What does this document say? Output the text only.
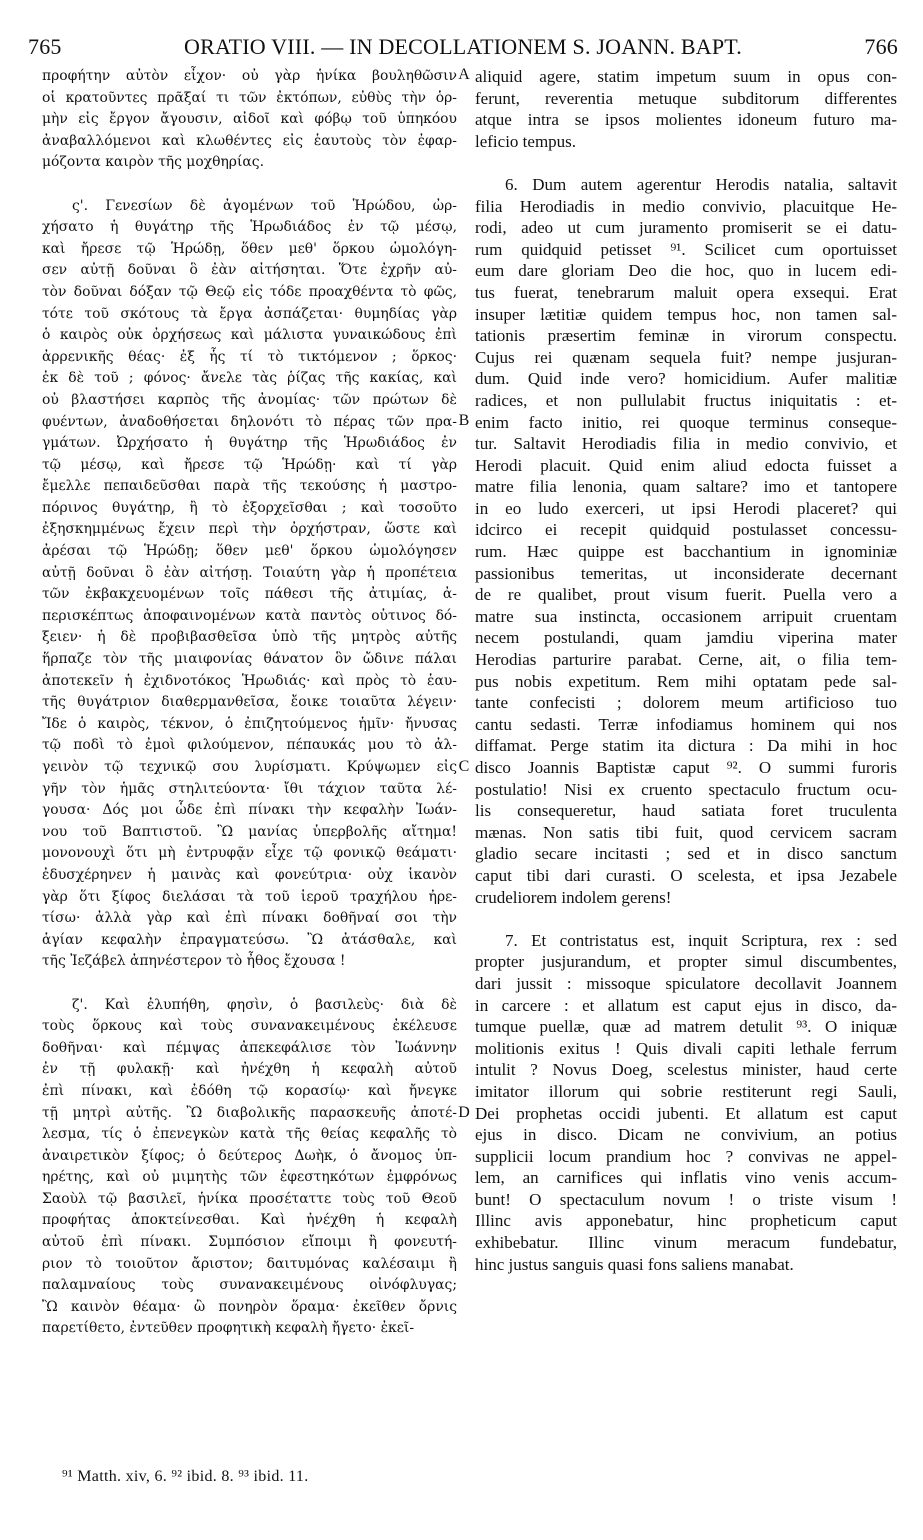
765	ORATIO VIII. — IN DECOLLATIONEM S. JOANN. BAPT.	766
προφήτην αὐτὸν εἶχον· οὐ γὰρ ἡνίκα βουληθῶσιν
οἱ κρατοῦντες πρᾶξαί τι τῶν ἐκτόπων, εὐθὺς τὴν ὁρ-
μὴν εἰς ἔργον ἄγουσιν, αἰδοῖ καὶ φόβῳ τοῦ ὑπηκόου
ἀναβαλλόμενοι καὶ κλωθέντες εἰς ἑαυτοὺς τὸν ἐφαρ-
μόζοντα καιρὸν τῆς μοχθηρίας.
ς'. Γενεσίων δὲ ἀγομένων τοῦ Ἡρώδου, ὠρ-
χήσατο ἡ θυγάτηρ τῆς Ἡρωδιάδος ἐν τῷ μέσῳ,
καὶ ἤρεσε τῷ Ἡρώδῃ, ὅθεν μεθ' ὅρκου ὡμολόγη-
σεν αὐτῇ δοῦναι ὃ ἐὰν αἰτήσηται. Ὅτε ἐχρῆν αὐ-
τὸν δοῦναι δόξαν τῷ Θεῷ εἰς τόδε προαχθέντα τὸ φῶς,
τότε τοῦ σκότους τὰ ἔργα ἀσπάζεται· θυμηδίας γὰρ
ὁ καιρὸς οὐκ ὀρχήσεως καὶ μάλιστα γυναικώδους ἐπὶ
ἀρρενικῆς θέας· ἐξ ἧς τί τὸ τικτόμενον ; ὅρκος·
ἐκ δὲ τοῦ ; φόνος· ἄνελε τὰς ῥίζας τῆς κακίας, καὶ
οὐ βλαστήσει καρπὸς τῆς ἀνομίας· τῶν πρώτων δὲ
φυέντων, ἀναδοθήσεται δηλονότι τὸ πέρας τῶν πρα-
γμάτων. Ὠρχήσατο ἡ θυγάτηρ τῆς Ἡρωδιάδος ἐν
τῷ μέσῳ, καὶ ἤρεσε τῷ Ἡρώδῃ· καὶ τί γὰρ
ἔμελλε πεπαιδεῦσθαι παρὰ τῆς τεκούσης ἡ μαστρο-
πόρινος θυγάτηρ, ἢ τὸ ἐξορχεῖσθαι ; καὶ τοσοῦτο
ἐξησκημμένως ἔχειν περὶ τὴν ὀρχήστραν, ὥστε καὶ
ἀρέσαι τῷ Ἡρώδῃ; ὅθεν μεθ' ὅρκου ὡμολόγησεν
αὐτῇ δοῦναι ὃ ἐὰν αἰτήσῃ. Τοιαύτη γὰρ ἡ προπέτεια
τῶν ἐκβακχευομένων τοῖς πάθεσι τῆς ἀτιμίας, ἀ-
περισκέπτως ἀποφαινομένων κατὰ παντὸς οὑτινος δό-
ξειεν· ἡ δὲ προβιβασθεῖσα ὑπὸ τῆς μητρὸς αὐτῆς
ἥρπαζε τὸν τῆς μιαιφονίας θάνατον ὃν ὤδινε πάλαι
ἀποτεκεῖν ἡ ἐχιδνοτόκος Ἡρωδιάς· καὶ πρὸς τὸ ἑαυ-
τῆς θυγάτριον διαθερμανθεῖσα, ἔοικε τοιαῦτα λέγειν·
Ἴδε ὁ καιρὸς, τέκνον, ὁ ἐπιζητούμενος ἡμῖν· ἤνυσας
τῷ ποδὶ τὸ ἐμοὶ φιλούμενον, πέπαυκάς μου τὸ ἀλ-
γεινὸν τῷ τεχνικῷ σου λυρίσματι. Κρύψωμεν εἰς
γῆν τὸν ἡμᾶς στηλιτεύοντα· ἴθι τάχιον ταῦτα λέ-
γουσα· Δός μοι ὧδε ἐπὶ πίνακι τὴν κεφαλὴν Ἰωάν-
νου τοῦ Βαπτιστοῦ. Ὢ μανίας ὑπερβολῆς αἴτημα!
μονονουχὶ ὅτι μὴ ἐντρυφᾷν εἶχε τῷ φονικῷ θεάματι·
ἐδυσχέρηνεν ἡ μαινὰς καὶ φονεύτρια· οὐχ ἱκανὸν
γὰρ ὅτι ξίφος διελάσαι τὰ τοῦ ἱεροῦ τραχήλου ἠρε-
τίσω· ἀλλὰ γὰρ καὶ ἐπὶ πίνακι δοθῆναί σοι τὴν
ἁγίαν κεφαλὴν ἐπραγματεύσω. Ὢ ἀτάσθαλε, καὶ
τῆς Ἰεζάβελ ἀπηνέστερον τὸ ἦθος ἔχουσα !
ζ'. Καὶ ἐλυπήθη, φησὶν, ὁ βασιλεὺς· διὰ δὲ
τοὺς ὅρκους καὶ τοὺς συνανακειμένους ἐκέλευσε
δοθῆναι· καὶ πέμψας ἀπεκεφάλισε τὸν Ἰωάννην
ἐν τῇ φυλακῇ· καὶ ἠνέχθη ἡ κεφαλὴ αὐτοῦ
ἐπὶ πίνακι, καὶ ἐδόθη τῷ κορασίῳ· καὶ ἤνεγκε
τῇ μητρὶ αὐτῆς. Ὢ διαβολικῆς παρασκευῆς ἀποτέ-
λεσμα, τίς ὁ ἐπενεγκὼν κατὰ τῆς θείας κεφαλῆς τὸ
ἀναιρετικὸν ξίφος; ὁ δεύτερος Δωὴκ, ὁ ἄνομος ὑπ-
ηρέτης, καὶ οὐ μιμητὴς τῶν ἐφεστηκότων ἐμφρόνως
Σαοὺλ τῷ βασιλεῖ, ἡνίκα προσέταττε τοὺς τοῦ Θεοῦ
προφήτας ἀποκτείνεσθαι. Καὶ ἠνέχθη ἡ κεφαλὴ
αὐτοῦ ἐπὶ πίνακι. Συμπόσιον εἴποιμι ἢ φονευτή-
ριον τὸ τοιοῦτον ἄριστον; δαιτυμόνας καλέσαιμι ἢ
παλαμναίους τοὺς συνανακειμένους οἰνόφλυγας;
Ὢ καινὸν θέαμα· ὢ πονηρὸν ὅραμα· ἐκεῖθεν ὄρνις
παρετίθετο, ἐντεῦθεν προφητικὴ κεφαλὴ ἤγετο· ἐκεῖ-
aliquid agere, statim impetum suum in opus con-
ferunt, reverentia metuque subditorum differentes
atque intra se ipsos molientes idoneum futuro ma-
leficio tempus.
6. Dum autem agerentur Herodis natalia, saltavit
filia Herodiadis in medio convivio, placuitque He-
rodi, adeo ut cum juramento promiserit se ei datu-
rum quidquid petisset ⁹¹. Scilicet cum oportuisset
eum dare gloriam Deo die hoc, quo in lucem edi-
tus fuerat, tenebrarum maluit opera exsequi. Erat
insuper lætitiæ quidem tempus hoc, non tamen sal-
tationis præsertim feminæ in virorum conspectu.
Cujus rei quænam sequela fuit? nempe jusjuran-
dum. Quid inde vero? homicidium. Aufer malitiæ
radices, et non pullulabit fructus iniquitatis : et-
enim facto initio, rei quoque terminus conseque-
tur. Saltavit Herodiadis filia in medio convivio, et
Herodi placuit. Quid enim aliud edocta fuisset a
matre filia lenonia, quam saltare? imo et tantopere
in eo ludo exerceri, ut ipsi Herodi placeret? qui
idcirco ei recepit quidquid postulasset concessu-
rum. Hæc quippe est bacchantium in ignominiæ
passionibus temeritas, ut inconsiderate decernant
de re qualibet, prout visum fuerit. Puella vero a
matre sua instincta, occasionem arripuit cruentam
necem postulandi, quam jamdiu viperina mater
Herodias parturire parabat. Cerne, ait, o filia tem-
pus nobis expetitum. Rem mihi optatam pede sal-
tante confecisti ; dolorem meum artificioso tuo
cantu sedasti. Terræ infodiamus hominem qui nos
diffamat. Perge statim ita dictura : Da mihi in hoc
disco Joannis Baptistæ caput ⁹². O summi furoris
postulatio! Nisi ex cruento spectaculo fructum ocu-
lis consequeretur, haud satiata foret truculenta
mænas. Non satis tibi fuit, quod cervicem sacram
gladio secare incitasti ; sed et in disco sanctum
caput tibi dari curasti. O scelesta, et ipsa Jezabele
crudeliorem indolem gerens!
7. Et contristatus est, inquit Scriptura, rex : sed
propter jusjurandum, et propter simul discumbentes,
dari jussit : missoque spiculatore decollavit Joannem
in carcere : et allatum est caput ejus in disco, da-
tumque puellæ, quæ ad matrem detulit ⁹³. O iniquæ
molitionis exitus ! Quis divali capiti lethale ferrum
intulit ? Novus Doeg, scelestus minister, haud certe
imitator illorum qui sobrie restiterunt regi Sauli,
Dei prophetas occidi jubenti. Et allatum est caput
ejus in disco. Dicam ne convivium, an potius
supplicii locum prandium hoc ? convivas ne appel-
lem, an carnifices qui inflatis vino venis accum-
bunt! O spectaculum novum ! o triste visum !
Illinc avis apponebatur, hinc propheticum caput
exhibebatur. Illinc vinum meracum fundebatur,
hinc justus sanguis quasi fons saliens manabat.
A
B
C
D
⁹¹ Matth. xiv, 6. ⁹² ibid. 8. ⁹³ ibid. 11.
